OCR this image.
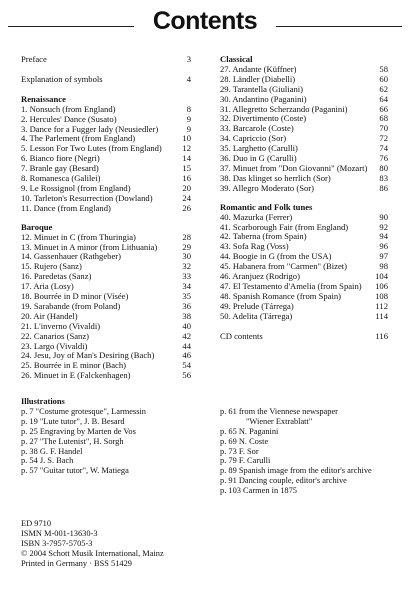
Contents
Preface	3
Explanation of symbols	4
Renaissance
1. Nonsuch (from England)	8
2. Hercules' Dance (Susato)	9
3. Dance for a Fugger lady (Neusiedler)	9
4. The Parlement (from England)	10
5. Lesson For Two Lutes (from England)	12
6. Bianco fiore (Negri)	14
7. Branle gay (Besard)	15
8. Romanesca (Galilei)	16
9. Le Rossignol (from England)	20
10. Tarleton's Resurrection (Dowland)	24
11. Dance (from England)	26
Baroque
12. Minuet in C (from Thuringia)	28
13. Minuet in A minor (from Lithuania)	29
14. Gassenhauer (Rathgeber)	30
15. Rujero (Sanz)	32
16. Paredetas (Sanz)	33
17. Aria (Losy)	34
18. Bourrée in D minor (Visée)	35
19. Sarabande (from Poland)	36
20. Air (Handel)	38
21. L'inverno (Vivaldi)	40
22. Canarios (Sanz)	42
23. Largo (Vivaldi)	44
24. Jesu, Joy of Man's Desiring (Bach)	46
25. Bourrée in E minor (Bach)	54
26. Minuet in E (Falckenhagen)	56
Classical
27. Andante (Küffner)	58
28. Ländler (Diabelli)	60
29. Tarantella (Giuliani)	62
30. Andantino (Paganini)	64
31. Allegretto Scherzando (Paganini)	66
32. Divertimento (Coste)	68
33. Barcarole (Coste)	70
34. Capriccio (Sor)	72
35. Larghetto (Carulli)	74
36. Duo in G (Carulli)	76
37. Minuet from "Don Giovanni" (Mozart)	80
38. Das klinget so herrlich (Sor)	83
39. Allegro Moderato (Sor)	86
Romantic and Folk tunes
40. Mazurka (Ferrer)	90
41. Scarborough Fair (from England)	92
42. Taberna (from Spain)	94
43. Sofa Rag (Voss)	96
44. Boogie in G (from the USA)	97
45. Habanera from "Carmen" (Bizet)	98
46. Aranjuez (Rodrigo)	104
47. El Testamento d'Amelia (from Spain)	106
48. Spanish Romance (from Spain)	108
49. Prelude (Tárrega)	112
50. Adelita (Tárrega)	114
CD contents	116
Illustrations
p. 7 "Costume grotesque", Larmessin
p. 19 "Lute tutor", J. B. Besard
p. 25 Engraving by Marten de Vos
p. 27 "The Lutenist", H. Sorgh
p. 38 G. F. Handel
p. 54 J. S. Bach
p. 57 "Guitar tutor", W. Matiega
p. 61 from the Viennese newspaper
"Wiener Extrablatt"
p. 65 N. Paganini
p. 69 N. Coste
p. 73 F. Sor
p. 79 F. Carulli
p. 89 Spanish image from the editor's archive
p. 91 Dancing couple, editor's archive
p. 103 Carmen in 1875
ED 9710
ISMN M-001-13630-3
ISBN 3-7957-5705-3
© 2004 Schott Musik International, Mainz
Printed in Germany · BSS 51429
